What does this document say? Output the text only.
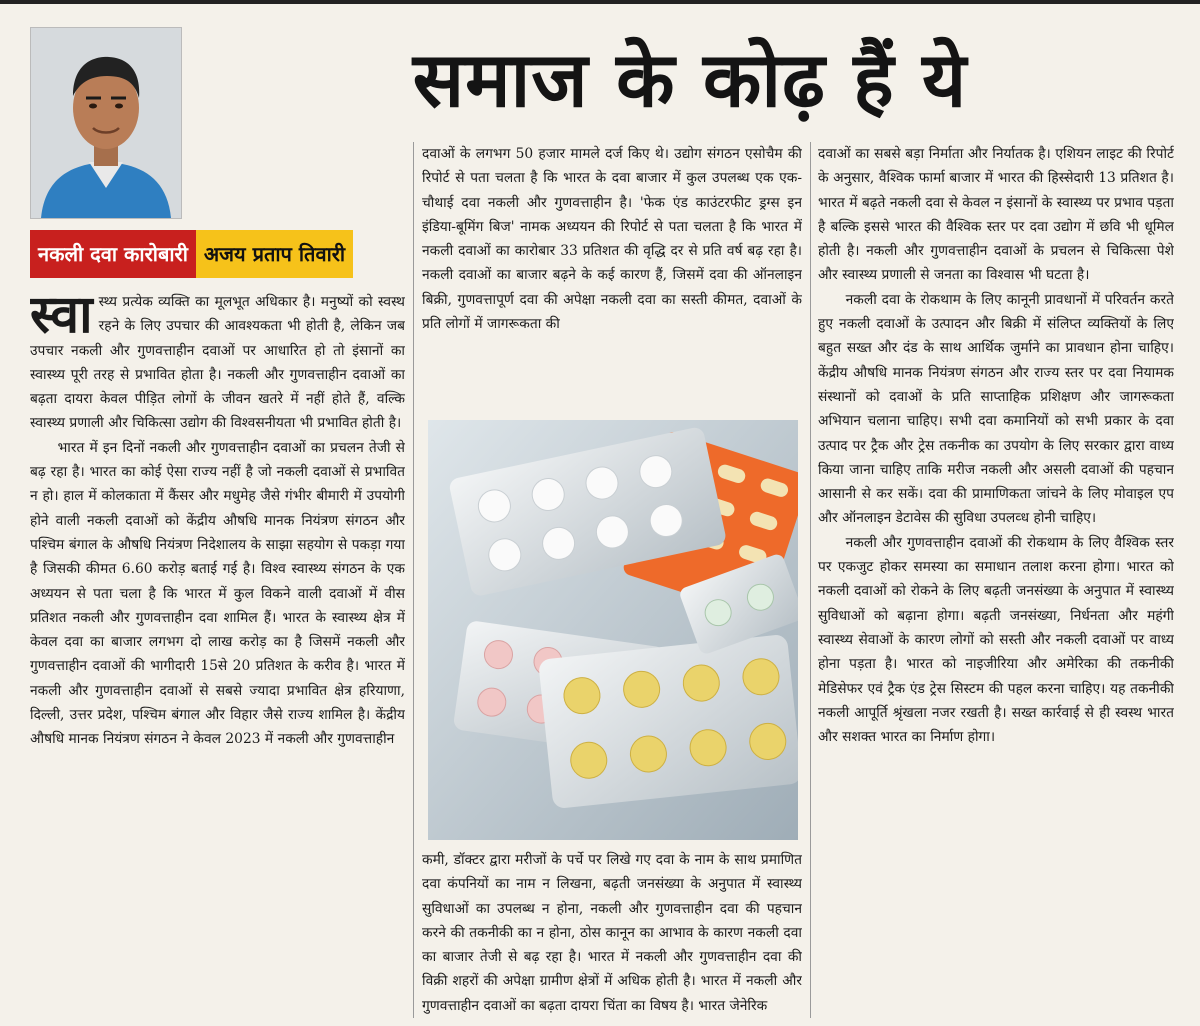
समाज के कोढ़ हैं ये
नकली दवा कारोबारी अजय प्रताप तिवारी

स्वा स्थ्य प्रत्येक व्यक्ति का मूलभूत अधिकार है। मनुष्यों को स्वस्थ रहने के लिए उपचार की आवश्यकता भी होती है, लेकिन जब उपचार नकली और गुणवत्ताहीन दवाओं पर आधारित हो तो इंसानों का स्वास्थ्य पूरी तरह से प्रभावित होता है। नकली और गुणवत्ताहीन दवाओं का बढ़ता दायरा केवल पीड़ित लोगों के जीवन खतरे में नहीं होते हैं, वल्कि स्वास्थ्य प्रणाली और चिकित्सा उद्योग की विश्वसनीयता भी प्रभावित होती है।

भारत में इन दिनों नकली और गुणवत्ताहीन दवाओं का प्रचलन तेजी से बढ़ रहा है। भारत का कोई ऐसा राज्य नहीं है जो नकली दवाओं से प्रभावित न हो। हाल में कोलकाता में कैंसर और मधुमेह जैसे गंभीर बीमारी में उपयोगी होने वाली नकली दवाओं को केंद्रीय औषधि मानक नियंत्रण संगठन और पश्चिम बंगाल के औषधि नियंत्रण निदेशालय के साझा सहयोग से पकड़ा गया है जिसकी कीमत 6.60 करोड़ बताई गई है। विश्व स्वास्थ्य संगठन के एक अध्ययन से पता चला है कि भारत में कुल विकने वाली दवाओं में वीस प्रतिशत नकली और गुणवत्ताहीन दवा शामिल हैं। भारत के स्वास्थ्य क्षेत्र में केवल दवा का बाजार लगभग दो लाख करोड़ का है जिसमें नकली और गुणवत्ताहीन दवाओं की भागीदारी 15से 20 प्रतिशत के करीव है। भारत में नकली और गुणवत्ताहीन दवाओं से सबसे ज्यादा प्रभावित क्षेत्र हरियाणा, दिल्ली, उत्तर प्रदेश, पश्चिम बंगाल और विहार जैसे राज्य शामिल है। केंद्रीय औषधि मानक नियंत्रण संगठन ने केवल 2023 में नकली और गुणवत्ताहीन

दवाओं के लगभग 50 हजार मामले दर्ज किए थे। उद्योग संगठन एसोचैम की रिपोर्ट से पता चलता है कि भारत के दवा बाजार में कुल उपलब्ध एक एक-चौथाई दवा नकली और गुणवत्ताहीन है। 'फेक एंड काउंटरफीट ड्रग्स इन इंडिया-बूमिंग बिज' नामक अध्ययन की रिपोर्ट से पता चलता है कि भारत में नकली दवाओं का कारोबार 33 प्रतिशत की वृद्धि दर से प्रति वर्ष बढ़ रहा है। नकली दवाओं का बाजार बढ़ने के कई कारण हैं, जिसमें दवा की ऑनलाइन बिक्री, गुणवत्तापूर्ण दवा की अपेक्षा नकली दवा का सस्ती कीमत, दवाओं के प्रति लोगों में जागरूकता की

कमी, डॉक्टर द्वारा मरीजों के पर्चे पर लिखे गए दवा के नाम के साथ प्रमाणित दवा कंपनियों का नाम न लिखना, बढ़ती जनसंख्या के अनुपात में स्वास्थ्य सुविधाओं का उपलब्ध न होना, नकली और गुणवत्ताहीन दवा की पहचान करने की तकनीकी का न होना, ठोस कानून का आभाव के कारण नकली दवा का बाजार तेजी से बढ़ रहा है। भारत में नकली और गुणवत्ताहीन दवा की विक्री शहरों की अपेक्षा ग्रामीण क्षेत्रों में अधिक होती है। भारत में नकली और गुणवत्ताहीन दवाओं का बढ़ता दायरा चिंता का विषय है। भारत जेनेरिक

दवाओं का सबसे बड़ा निर्माता और निर्यातक है। एशियन लाइट की रिपोर्ट के अनुसार, वैश्विक फार्मा बाजार में भारत की हिस्सेदारी 13 प्रतिशत है। भारत में बढ़ते नकली दवा से केवल न इंसानों के स्वास्थ्य पर प्रभाव पड़ता है बल्कि इससे भारत की वैश्विक स्तर पर दवा उद्योग में छवि भी धूमिल होती है। नकली और गुणवत्ताहीन दवाओं के प्रचलन से चिकित्सा पेशे और स्वास्थ्य प्रणाली से जनता का विश्वास भी घटता है।

नकली दवा के रोकथाम के लिए कानूनी प्रावधानों में परिवर्तन करते हुए नकली दवाओं के उत्पादन और बिक्री में संलिप्त व्यक्तियों के लिए बहुत सख्त और दंड के साथ आर्थिक जुर्माने का प्रावधान होना चाहिए। केंद्रीय औषधि मानक नियंत्रण संगठन और राज्य स्तर पर दवा नियामक संस्थानों को दवाओं के प्रति साप्ताहिक प्रशिक्षण और जागरूकता अभियान चलाना चाहिए। सभी दवा कमानियों को सभी प्रकार के दवा उत्पाद पर ट्रैक और ट्रेस तकनीक का उपयोग के लिए सरकार द्वारा वाध्य किया जाना चाहिए ताकि मरीज नकली और असली दवाओं की पहचान आसानी से कर सकें। दवा की प्रामाणिकता जांचने के लिए मोवाइल एप और ऑनलाइन डेटावेस की सुविधा उपलव्ध होनी चाहिए।

नकली और गुणवत्ताहीन दवाओं की रोकथाम के लिए वैश्विक स्तर पर एकजुट होकर समस्या का समाधान तलाश करना होगा। भारत को नकली दवाओं को रोकने के लिए बढ़ती जनसंख्या के अनुपात में स्वास्थ्य सुविधाओं को बढ़ाना होगा। बढ़ती जनसंख्या, निर्धनता और महंगी स्वास्थ्य सेवाओं के कारण लोगों को सस्ती और नकली दवाओं पर वाध्य होना पड़ता है। भारत को नाइजीरिया और अमेरिका की तकनीकी मेडिसेफर एवं ट्रैक एंड ट्रेस सिस्टम की पहल करना चाहिए। यह तकनीकी नकली आपूर्ति श्रृंखला नजर रखती है। सख्त कार्रवाई से ही स्वस्थ भारत और सशक्त भारत का निर्माण होगा।
